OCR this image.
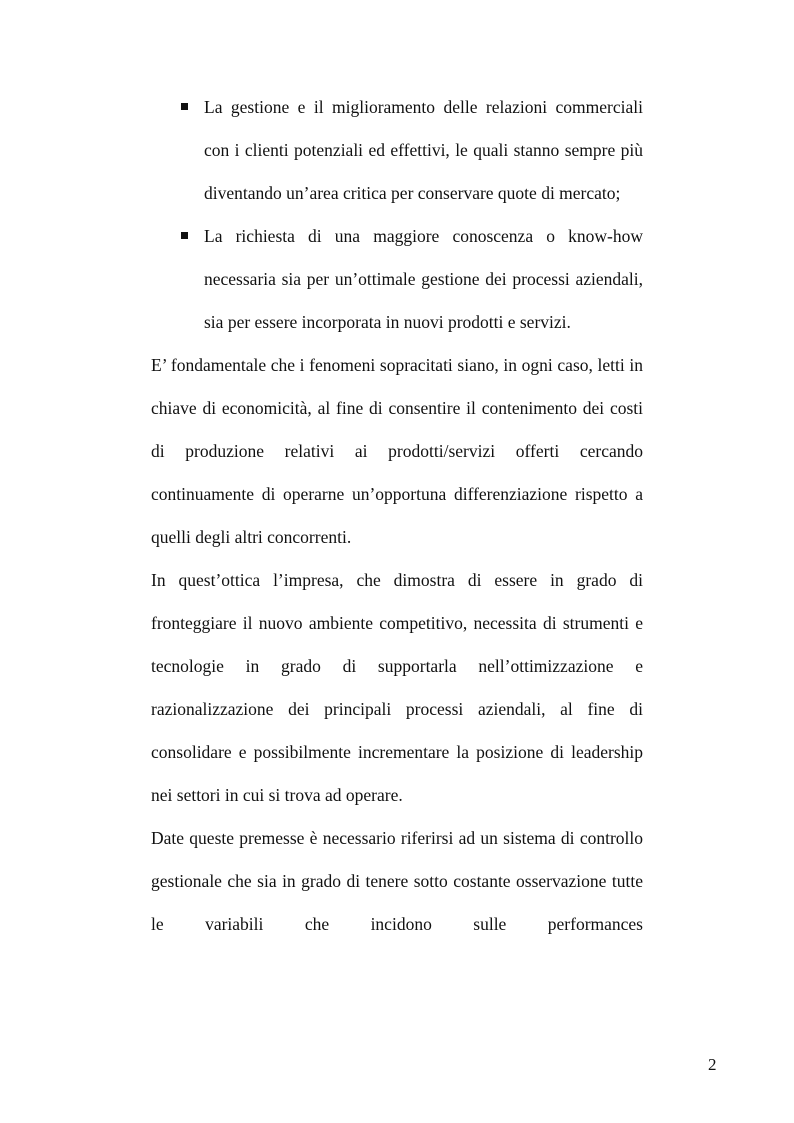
La gestione e il miglioramento delle relazioni commerciali con i clienti potenziali ed effettivi, le quali stanno sempre più diventando un’area critica per conservare quote di mercato;
La richiesta di una maggiore conoscenza o know-how necessaria sia per un’ottimale gestione dei processi aziendali, sia per essere incorporata in nuovi prodotti e servizi.

E’ fondamentale che i fenomeni sopracitati siano, in ogni caso, letti in chiave di economicità, al fine di consentire il contenimento dei costi di produzione relativi ai prodotti/servizi offerti cercando continuamente di operarne un’opportuna differenziazione rispetto a quelli degli altri concorrenti.

In quest’ottica l’impresa, che dimostra di essere in grado di fronteggiare il nuovo ambiente competitivo, necessita di strumenti e tecnologie in grado di supportarla nell’ottimizzazione e razionalizzazione dei principali processi aziendali, al fine di consolidare e possibilmente incrementare la posizione di leadership nei settori in cui si trova ad operare.

Date queste premesse è necessario riferirsi ad un sistema di controllo gestionale che sia in grado di tenere sotto costante osservazione tutte le variabili che incidono sulle performances

2
